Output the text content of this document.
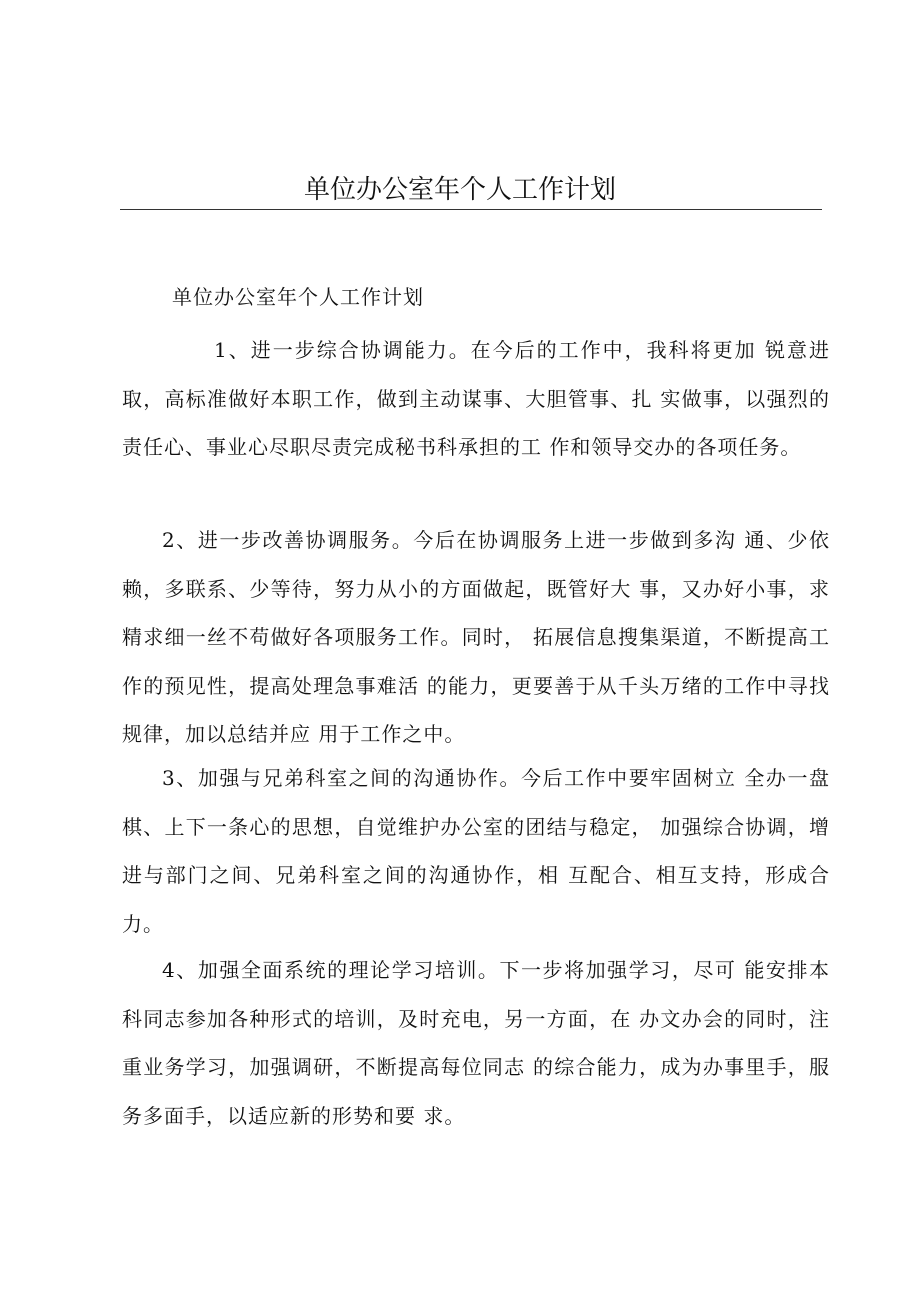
单位办公室年个人工作计划
单位办公室年个人工作计划

1、进一步综合协调能力。在今后的工作中，我科将更加 锐意进取，高标准做好本职工作，做到主动谋事、大胆管事、扎 实做事，以强烈的责任心、事业心尽职尽责完成秘书科承担的工 作和领导交办的各项任务。

2、进一步改善协调服务。今后在协调服务上进一步做到多沟 通、少依赖，多联系、少等待，努力从小的方面做起，既管好大 事，又办好小事，求精求细一丝不苟做好各项服务工作。同时， 拓展信息搜集渠道，不断提高工作的预见性，提高处理急事难活 的能力，更要善于从千头万绪的工作中寻找规律，加以总结并应 用于工作之中。

3、加强与兄弟科室之间的沟通协作。今后工作中要牢固树立 全办一盘棋、上下一条心的思想，自觉维护办公室的团结与稳定， 加强综合协调，增进与部门之间、兄弟科室之间的沟通协作，相 互配合、相互支持，形成合力。

4、加强全面系统的理论学习培训。下一步将加强学习，尽可 能安排本科同志参加各种形式的培训，及时充电，另一方面，在 办文办会的同时，注重业务学习，加强调研，不断提高每位同志 的综合能力，成为办事里手，服务多面手，以适应新的形势和要 求。
